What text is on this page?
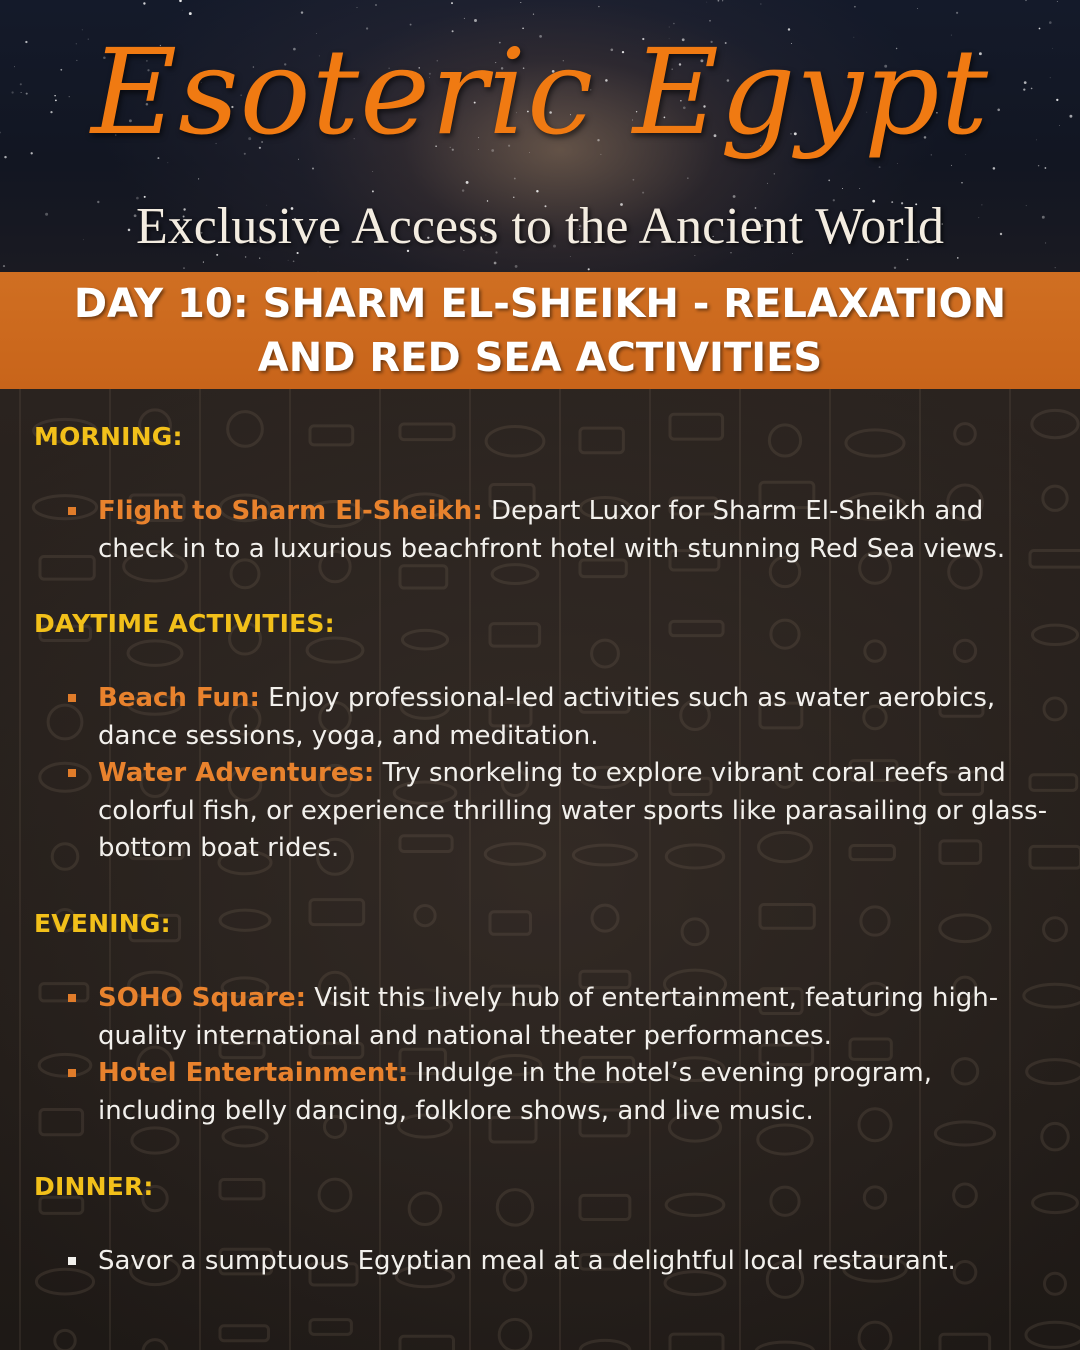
Esoteric Egypt
Exclusive Access to the Ancient World
DAY 10: SHARM EL-SHEIKH - RELAXATION AND RED SEA ACTIVITIES
MORNING:
Flight to Sharm El-Sheikh: Depart Luxor for Sharm El-Sheikh and check in to a luxurious beachfront hotel with stunning Red Sea views.
DAYTIME ACTIVITIES:
Beach Fun: Enjoy professional-led activities such as water aerobics, dance sessions, yoga, and meditation.
Water Adventures: Try snorkeling to explore vibrant coral reefs and colorful fish, or experience thrilling water sports like parasailing or glass-bottom boat rides.
EVENING:
SOHO Square: Visit this lively hub of entertainment, featuring high-quality international and national theater performances.
Hotel Entertainment: Indulge in the hotel’s evening program, including belly dancing, folklore shows, and live music.
DINNER:
Savor a sumptuous Egyptian meal at a delightful local restaurant.
